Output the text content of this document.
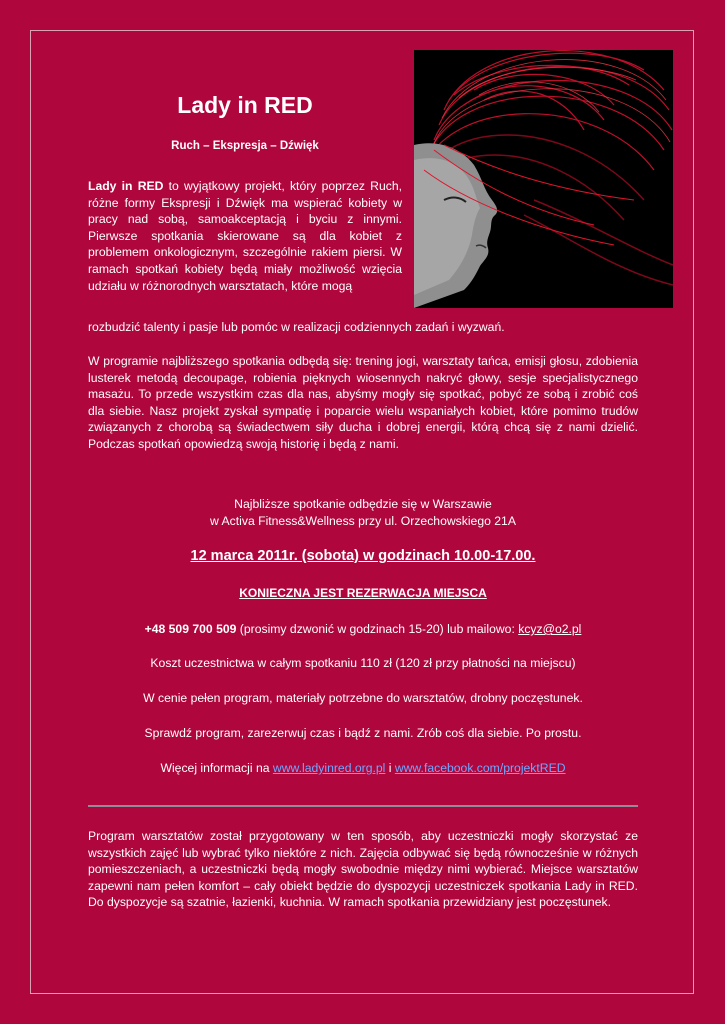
Lady in RED

Ruch – Ekspresja – Dźwięk

Lady in RED to wyjątkowy projekt, który poprzez Ruch, różne formy Ekspresji i Dźwięk ma wspierać kobiety w pracy nad sobą, samoakceptacją i byciu z innymi. Pierwsze spotkania skierowane są dla kobiet z problemem onkologicznym, szczególnie rakiem piersi. W ramach spotkań kobiety będą miały możliwość wzięcia udziału w różnorodnych warsztatach, które mogą

rozbudzić talenty i pasje lub pomóc w realizacji codziennych zadań i wyzwań.

W programie najbliższego spotkania odbędą się: trening jogi, warsztaty tańca, emisji głosu, zdobienia lusterek metodą decoupage, robienia pięknych wiosennych nakryć głowy, sesje specjalistycznego masażu. To przede wszystkim czas dla nas, abyśmy mogły się spotkać, pobyć ze sobą i zrobić coś dla siebie. Nasz projekt zyskał sympatię i poparcie wielu wspaniałych kobiet, które pomimo trudów związanych z chorobą są świadectwem siły ducha i dobrej energii, którą chcą się z nami dzielić. Podczas spotkań opowiedzą swoją historię i będą z nami.

Najbliższe spotkanie odbędzie się w Warszawie
w Activa Fitness&Wellness przy ul. Orzechowskiego 21A

12 marca 2011r. (sobota) w godzinach 10.00-17.00.

KONIECZNA JEST REZERWACJA MIEJSCA

+48 509 700 509 (prosimy dzwonić w godzinach 15-20) lub mailowo: kcyz@o2.pl

Koszt uczestnictwa w całym spotkaniu 110 zł (120 zł przy płatności na miejscu)

W cenie pełen program, materiały potrzebne do warsztatów, drobny poczęstunek.

Sprawdź program, zarezerwuj czas i bądź z nami. Zrób coś dla siebie. Po prostu.

Więcej informacji na www.ladyinred.org.pl i www.facebook.com/projektRED

Program warsztatów został przygotowany w ten sposób, aby uczestniczki mogły skorzystać ze wszystkich zajęć lub wybrać tylko niektóre z nich. Zajęcia odbywać się będą równocześnie w różnych pomieszczeniach, a uczestniczki będą mogły swobodnie między nimi wybierać. Miejsce warsztatów zapewni nam pełen komfort – cały obiekt będzie do dyspozycji uczestniczek spotkania Lady in RED. Do dyspozycje są szatnie, łazienki, kuchnia. W ramach spotkania przewidziany jest poczęstunek.
